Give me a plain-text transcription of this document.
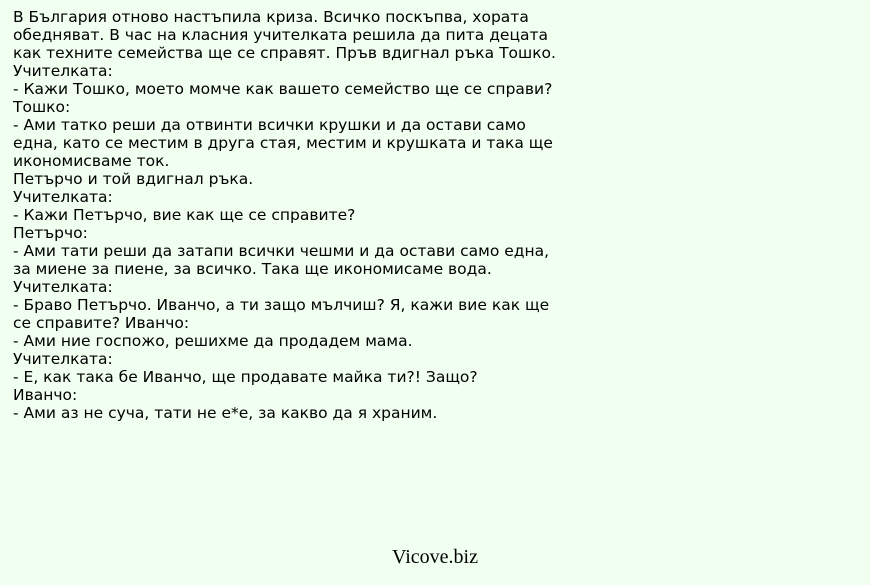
В България отново настъпила криза. Всичко поскъпва, хората
обедняват. В час на класния учителката решила да пита децата
как техните семейства ще се справят. Пръв вдигнал ръка Тошко.
Учителката:
- Кажи Тошко, моето момче как вашето семейство ще се справи?
Тошко:
- Ами татко реши да отвинти всички крушки и да остави само
една, като се местим в друга стая, местим и крушката и така ще
икономисваме ток.
Петърчо и той вдигнал ръка.
Учителката:
- Кажи Петърчо, вие как ще се справите?
Петърчо:
- Ами тати реши да затапи всички чешми и да остави само една,
за миене за пиене, за всичко. Така ще икономисаме вода.
Учителката:
- Браво Петърчо. Иванчо, а ти защо мълчиш? Я, кажи вие как ще
се справите? Иванчо:
- Ами ние госпожо, решихме да продадем мама.
Учителката:
- Е, как така бе Иванчо, ще продавате майка ти?! Защо?
Иванчо:
- Ами аз не суча, тати не е*е, за какво да я храним.
Vicove.biz
